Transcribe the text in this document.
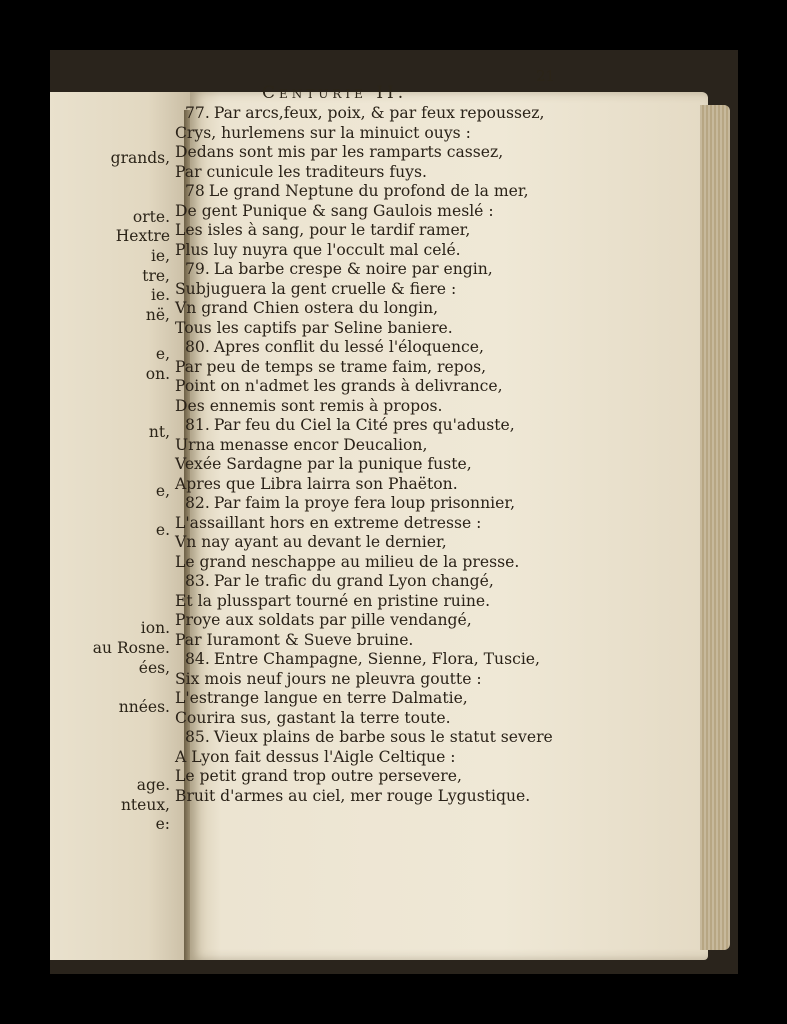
grands,
orte.
Hextre
ie,
tre,
ie.
në,
e,
on.
nt,
e,
e.
ion.
au Rosne.
ées,
nnées.
age.
nteux,
e:
Centurie II.
21
77. Par arcs,feux, poix, & par feux repoussez,
Crys, hurlemens sur la minuict ouys :
Dedans sont mis par les ramparts cassez,
Par cunicule les traditeurs fuys.
78 Le grand Neptune du profond de la mer,
De gent Punique & sang Gaulois meslé :
Les isles à sang, pour le tardif ramer,
Plus luy nuyra que l'occult mal celé.
79. La barbe crespe & noire par engin,
Subjuguera la gent cruelle & fiere :
Vn grand Chien ostera du longin,
Tous les captifs par Seline baniere.
80. Apres conflit du lessé l'éloquence,
Par peu de temps se trame faim, repos,
Point on n'admet les grands à delivrance,
Des ennemis sont remis à propos.
81. Par feu du Ciel la Cité pres qu'aduste,
Urna menasse encor Deucalion,
Vexée Sardagne par la punique fuste,
Apres que Libra lairra son Phaëton.
82. Par faim la proye fera loup prisonnier,
L'assaillant hors en extreme detresse :
Vn nay ayant au devant le dernier,
Le grand neschappe au milieu de la presse.
83. Par le trafic du grand Lyon changé,
Et la plusspart tourné en pristine ruine.
Proye aux soldats par pille vendangé,
Par Iuramont & Sueve bruine.
84. Entre Champagne, Sienne, Flora, Tuscie,
Six mois neuf jours ne pleuvra goutte :
L'estrange langue en terre Dalmatie,
Courira sus, gastant la terre toute.
85. Vieux plains de barbe sous le statut severe
A Lyon fait dessus l'Aigle Celtique :
Le petit grand trop outre persevere,
Bruit d'armes au ciel, mer rouge Lygustique.
